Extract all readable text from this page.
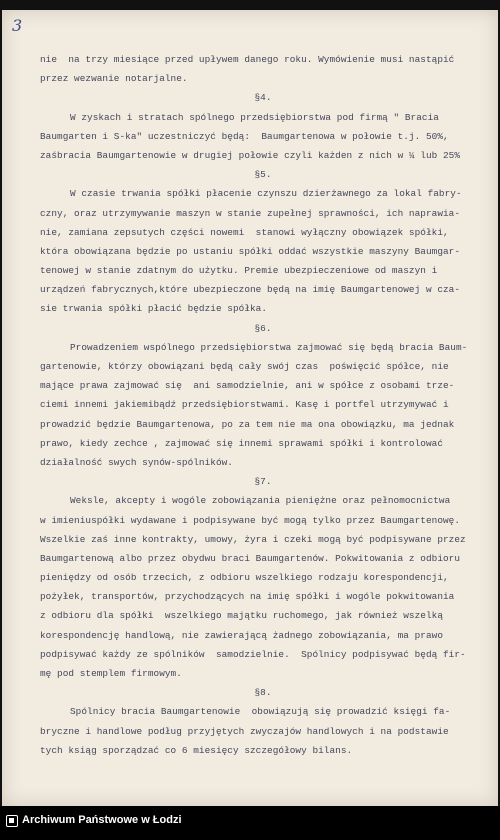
3
nie  na trzy miesiące przed upływem danego roku. Wymówienie musi nastąpić
przez wezwanie notarjalne.
§4.
W zyskach i stratach spólnego przedsiębiorstwa pod firmą " Bracia
Baumgarten i S-ka" uczestniczyć będą:  Baumgartenowa w połowie t.j. 50%,
zaśbracia Baumgartenowie w drugiej połowie czyli każden z nich w ¼ lub 25%
§5.
W czasie trwania spółki płacenie czynszu dzierżawnego za lokal fabry-
czny, oraz utrzymywanie maszyn w stanie zupełnej sprawności, ich naprawia-
nie, zamiana zepsutych części nowemi  stanowi wyłączny obowiązek spółki,
która obowiązana będzie po ustaniu spółki oddać wszystkie maszyny Baumgar-
tenowej w stanie zdatnym do użytku. Premie ubezpieczeniowe od maszyn i
urządzeń fabrycznych,które ubezpieczone będą na imię Baumgartenowej w cza-
sie trwania spółki płacić będzie spółka.
§6.
Prowadzeniem wspólnego przedsiębiorstwa zajmować się będą bracia Baum-
gartenowie, którzy obowiązani będą cały swój czas  poświęcić spółce, nie
mające prawa zajmować się  ani samodzielnie, ani w spółce z osobami trze-
ciemi innemi jakiemibądź przedsiębiorstwami. Kasę i portfel utrzymywać i
prowadzić będzie Baumgartenowa, po za tem nie ma ona obowiązku, ma jednak
prawo, kiedy zechce , zajmować się innemi sprawami spółki i kontrolować
działalność swych synów-spólników.
§7.
Weksle, akcepty i wogóle zobowiązania pieniężne oraz pełnomocnictwa
w imieniuspółki wydawane i podpisywane być mogą tylko przez Baumgartenowę.
Wszelkie zaś inne kontrakty, umowy, żyra i czeki mogą być podpisywane przez
Baumgartenową albo przez obydwu braci Baumgartenów. Pokwitowania z odbioru
pieniędzy od osób trzecich, z odbioru wszelkiego rodzaju korespondencji,
pożyłek, transportów, przychodzących na imię spółki i wogóle pokwitowania
z odbioru dla spółki  wszelkiego majątku ruchomego, jak również wszelką
korespondencję handlową, nie zawierającą żadnego zobowiązania, ma prawo
podpisywać każdy ze spólników  samodzielnie.  Spólnicy podpisywać będą fir-
mę pod stemplem firmowym.
§8.
Spólnicy bracia Baumgartenowie  obowiązują się prowadzić księgi fa-
bryczne i handlowe podług przyjętych zwyczajów handlowych i na podstawie
tych ksiąg sporządzać co 6 miesięcy szczegółowy bilans.
Archiwum Państwowe w Łodzi
